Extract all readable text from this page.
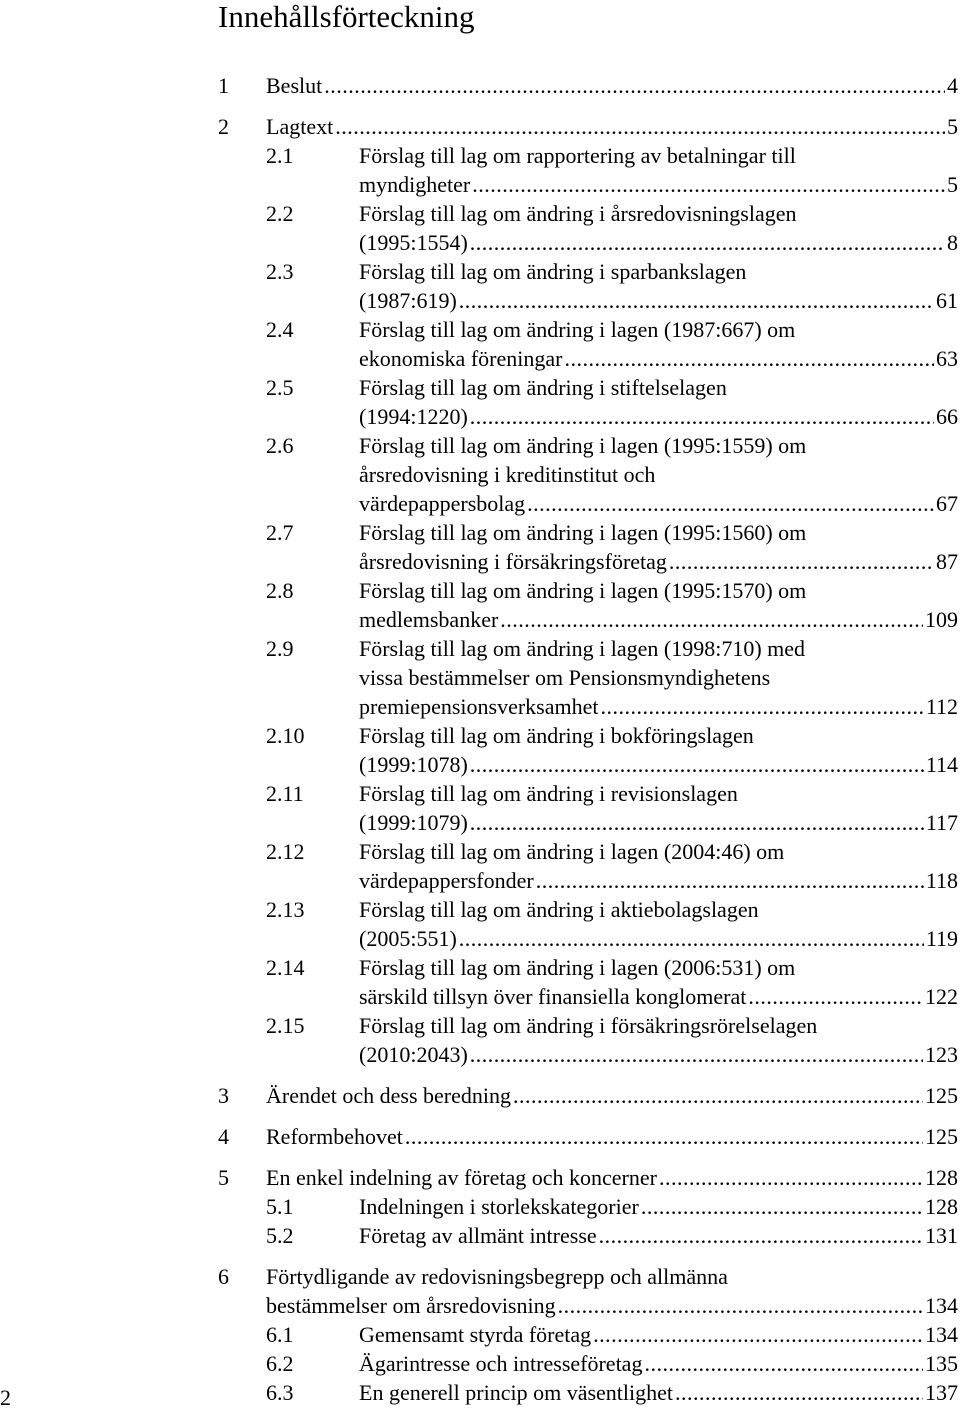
Innehållsförteckning
1 Beslut .....	4
2 Lagtext .....	5
2.1	Förslag till lag om rapportering av betalningar till
myndigheter .....	5
2.2	Förslag till lag om ändring i årsredovisningslagen
(1995:1554) .....	8
2.3	Förslag till lag om ändring i sparbankslagen
(1987:619) .....	61
2.4	Förslag till lag om ändring i lagen (1987:667) om
ekonomiska föreningar .....	63
2.5	Förslag till lag om ändring i stiftelselagen
(1994:1220) .....	66
2.6	Förslag till lag om ändring i lagen (1995:1559) om
årsredovisning i kreditinstitut och
värdepappersbolag .....	67
2.7	Förslag till lag om ändring i lagen (1995:1560) om
årsredovisning i försäkringsföretag .....	87
2.8	Förslag till lag om ändring i lagen (1995:1570) om
medlemsbanker .....	109
2.9	Förslag till lag om ändring i lagen (1998:710) med
vissa bestämmelser om Pensionsmyndighetens
premiepensionsverksamhet .....	112
2.10 Förslag till lag om ändring i bokföringslagen
(1999:1078) .....	114
2.11	Förslag till lag om ändring i revisionslagen
(1999:1079) .....	117
2.12 Förslag till lag om ändring i lagen (2004:46) om
värdepappersfonder .....	118
2.13 Förslag till lag om ändring i aktiebolagslagen
(2005:551) .....	119
2.14 Förslag till lag om ändring i lagen (2006:531) om
särskild tillsyn över finansiella konglomerat .....	122
2.15 Förslag till lag om ändring i försäkringsrörelselagen
(2010:2043) .....	123
3 Ärendet och dess beredning .....	125
4 Reformbehovet .....	125
5 En enkel indelning av företag och koncerner .....	128
5.1	Indelningen i storlekskategorier .....	128
5.2	Företag av allmänt intresse .....	131
6 Förtydligande av redovisningsbegrepp och allmänna
bestämmelser om årsredovisning .....	134
6.1	Gemensamt styrda företag .....	134
6.2	Ägarintresse och intresseföretag .....	135
6.3	En generell princip om väsentlighet .....	137
2
